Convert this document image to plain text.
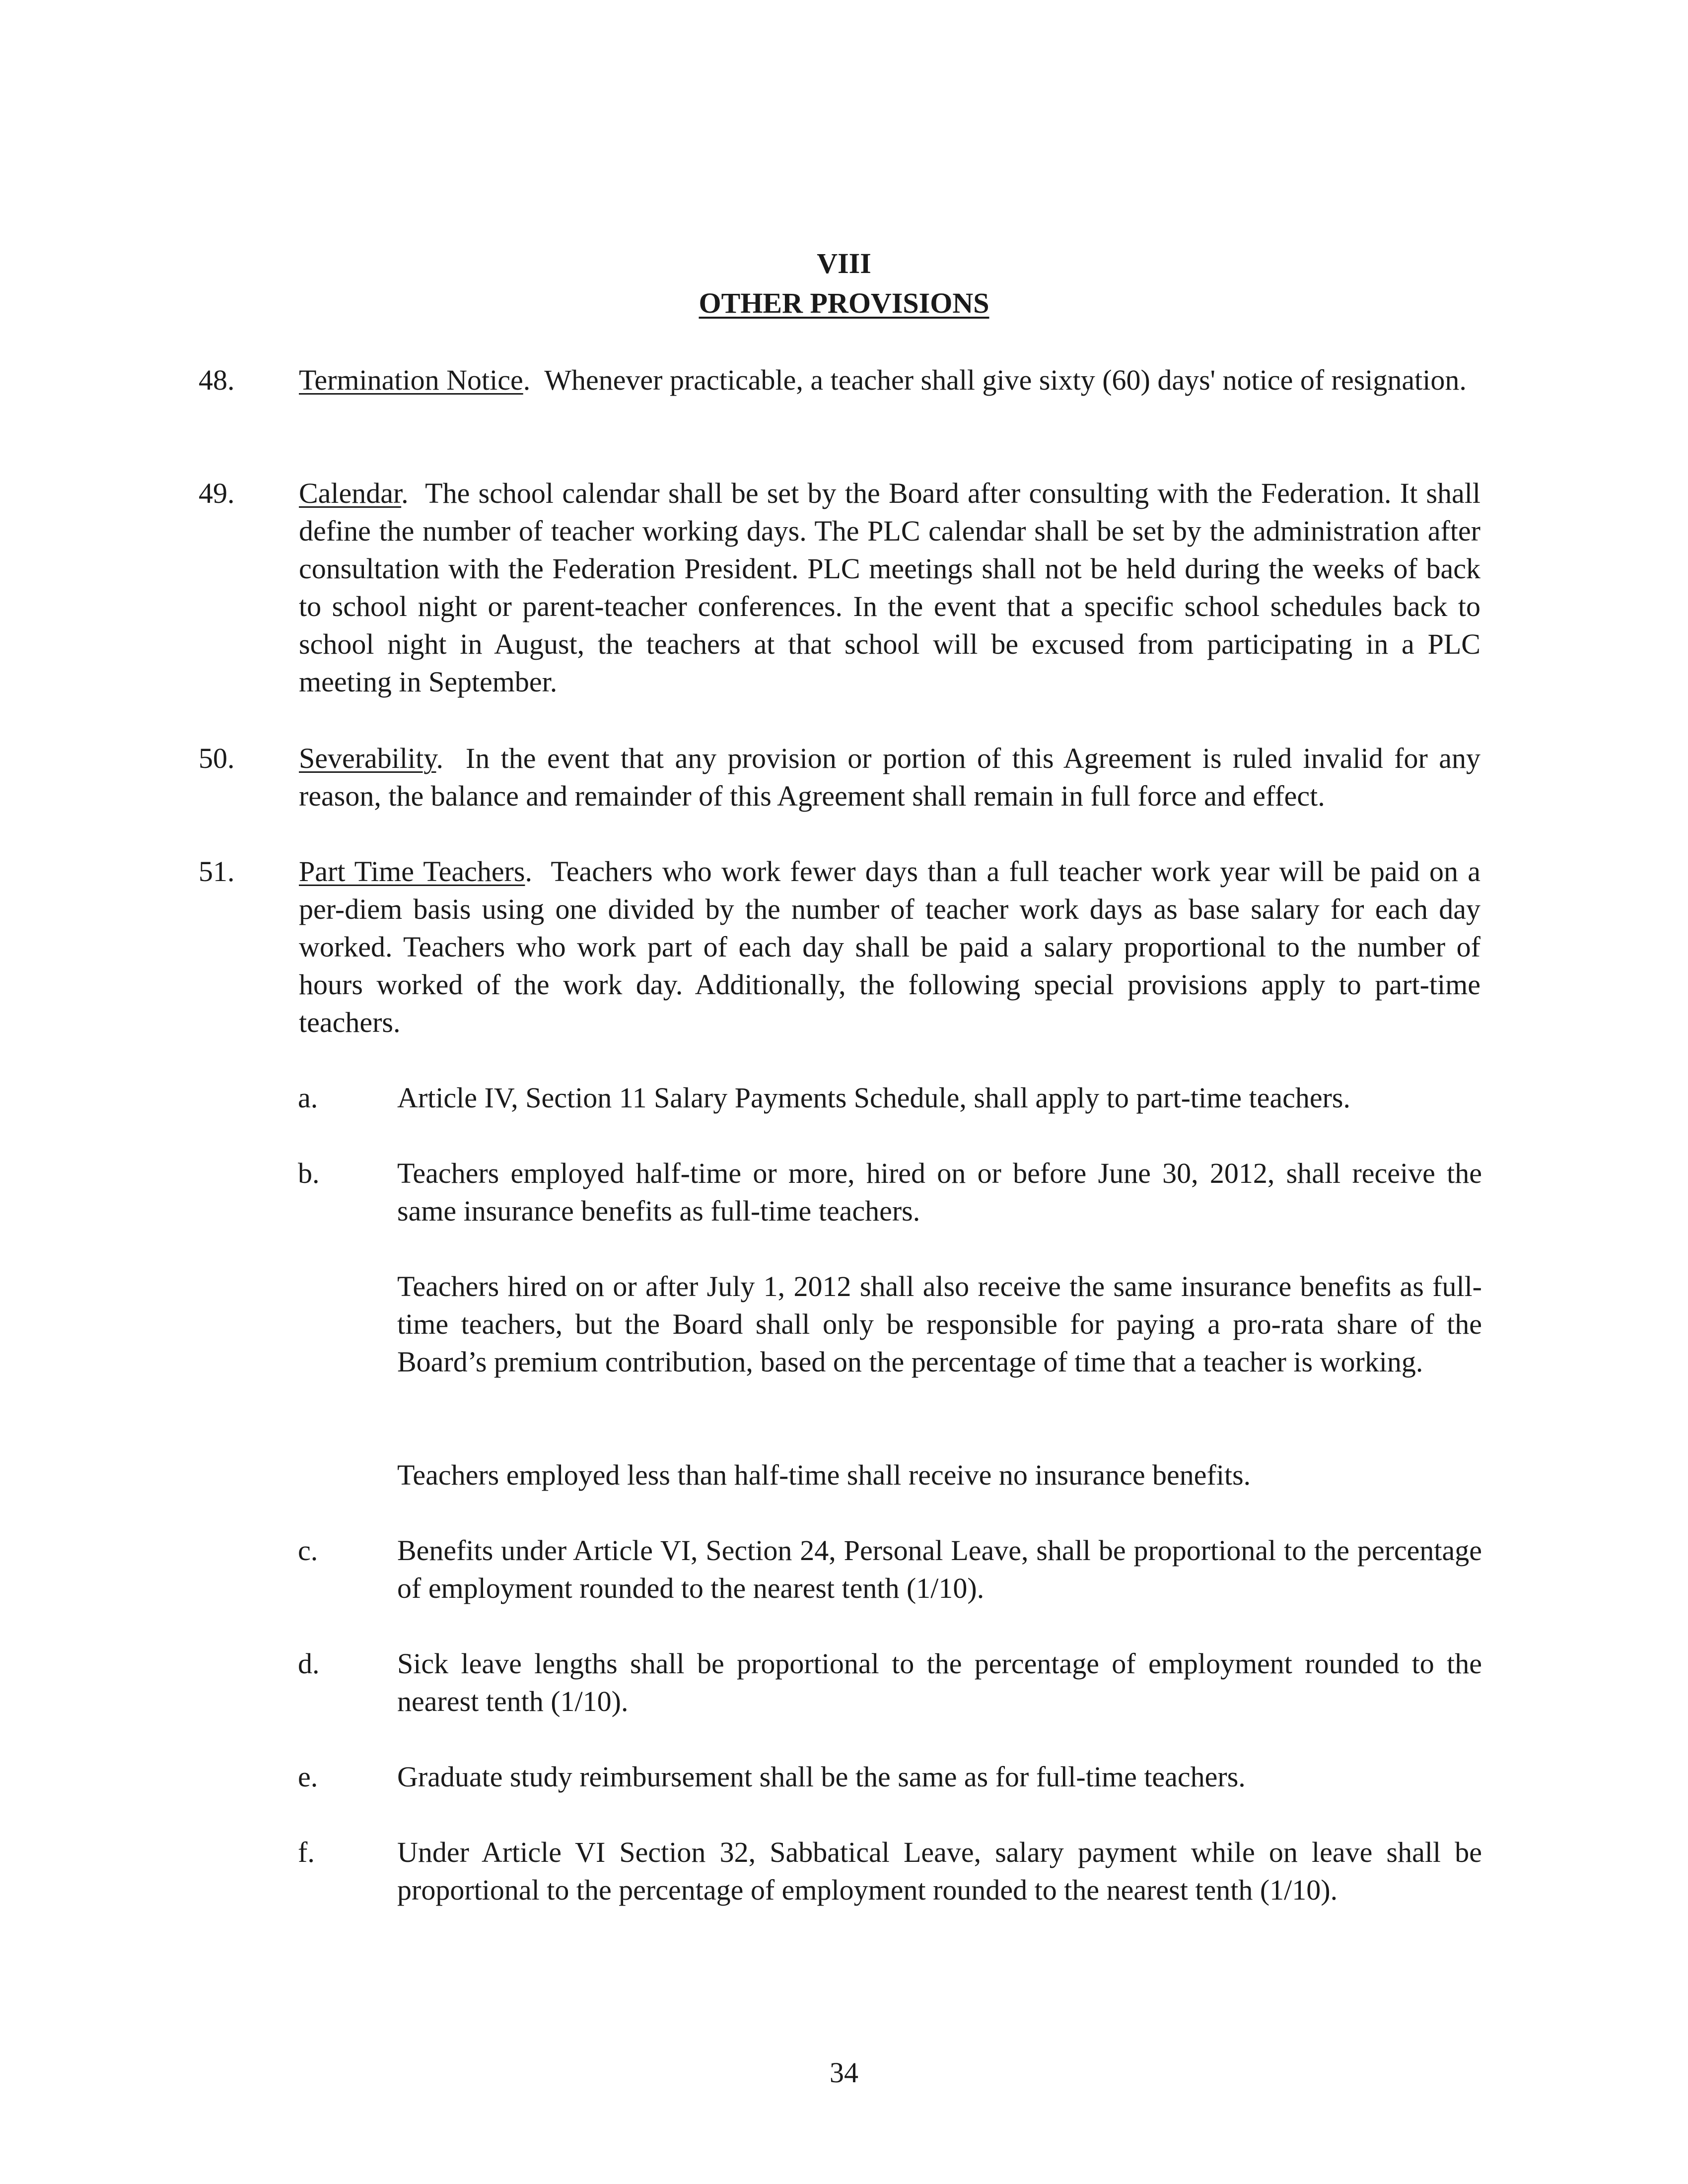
VIII
OTHER PROVISIONS
48. Termination Notice.  Whenever practicable, a teacher shall give sixty (60) days' notice of resignation.
49. Calendar.  The school calendar shall be set by the Board after consulting with the Federation. It shall define the number of teacher working days. The PLC calendar shall be set by the administration after consultation with the Federation President. PLC meetings shall not be held during the weeks of back to school night or parent-teacher conferences. In the event that a specific school schedules back to school night in August, the teachers at that school will be excused from participating in a PLC meeting in September.
50. Severability.  In the event that any provision or portion of this Agreement is ruled invalid for any reason, the balance and remainder of this Agreement shall remain in full force and effect.
51. Part Time Teachers.  Teachers who work fewer days than a full teacher work year will be paid on a per-diem basis using one divided by the number of teacher work days as base salary for each day worked. Teachers who work part of each day shall be paid a salary proportional to the number of hours worked of the work day. Additionally, the following special provisions apply to part-time teachers.
a.	Article IV, Section 11 Salary Payments Schedule, shall apply to part-time teachers.
b.	Teachers employed half-time or more, hired on or before June 30, 2012, shall receive the same insurance benefits as full-time teachers.
Teachers hired on or after July 1, 2012 shall also receive the same insurance benefits as full-time teachers, but the Board shall only be responsible for paying a pro-rata share of the Board’s premium contribution, based on the percentage of time that a teacher is working.
Teachers employed less than half-time shall receive no insurance benefits.
c.	Benefits under Article VI, Section 24, Personal Leave, shall be proportional to the percentage of employment rounded to the nearest tenth (1/10).
d.	Sick leave lengths shall be proportional to the percentage of employment rounded to the nearest tenth (1/10).
e.	Graduate study reimbursement shall be the same as for full-time teachers.
f.	Under Article VI Section 32, Sabbatical Leave, salary payment while on leave shall be proportional to the percentage of employment rounded to the nearest tenth (1/10).
34
